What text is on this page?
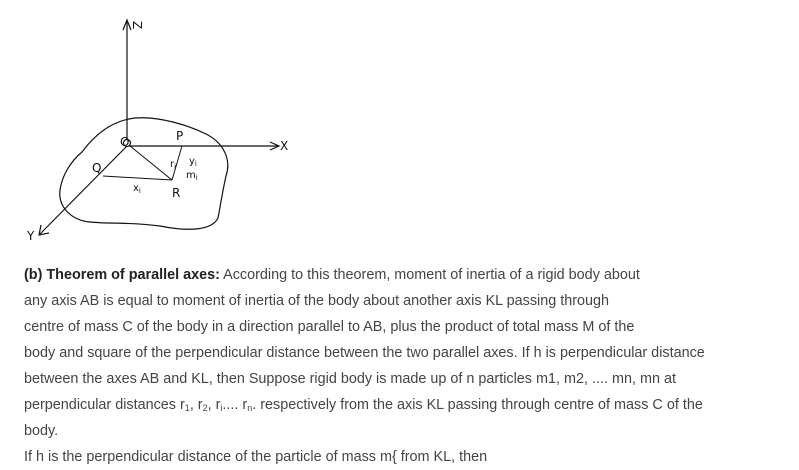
Z
X
Y
O	P
Q
R
$r_i$ $y_i$
$m_i$
$x_i$
(b) Theorem of parallel axes: According to this theorem, moment of inertia of a rigid body about
any axis AB is equal to moment of inertia of the body about another axis KL passing through
centre of mass C of the body in a direction parallel to AB, plus the product of total mass M of the
body and square of the perpendicular distance between the two parallel axes. If h is perpendicular distance
between the axes AB and KL, then Suppose rigid body is made up of n particles m1, m2, .... mn, mn at
perpendicular distances $r_1$, $r_2$, $r_i$.... $r_n$. respectively from the axis KL passing through centre of mass C of the
body.
If h is the perpendicular distance of the particle of mass m{ from KL, then
